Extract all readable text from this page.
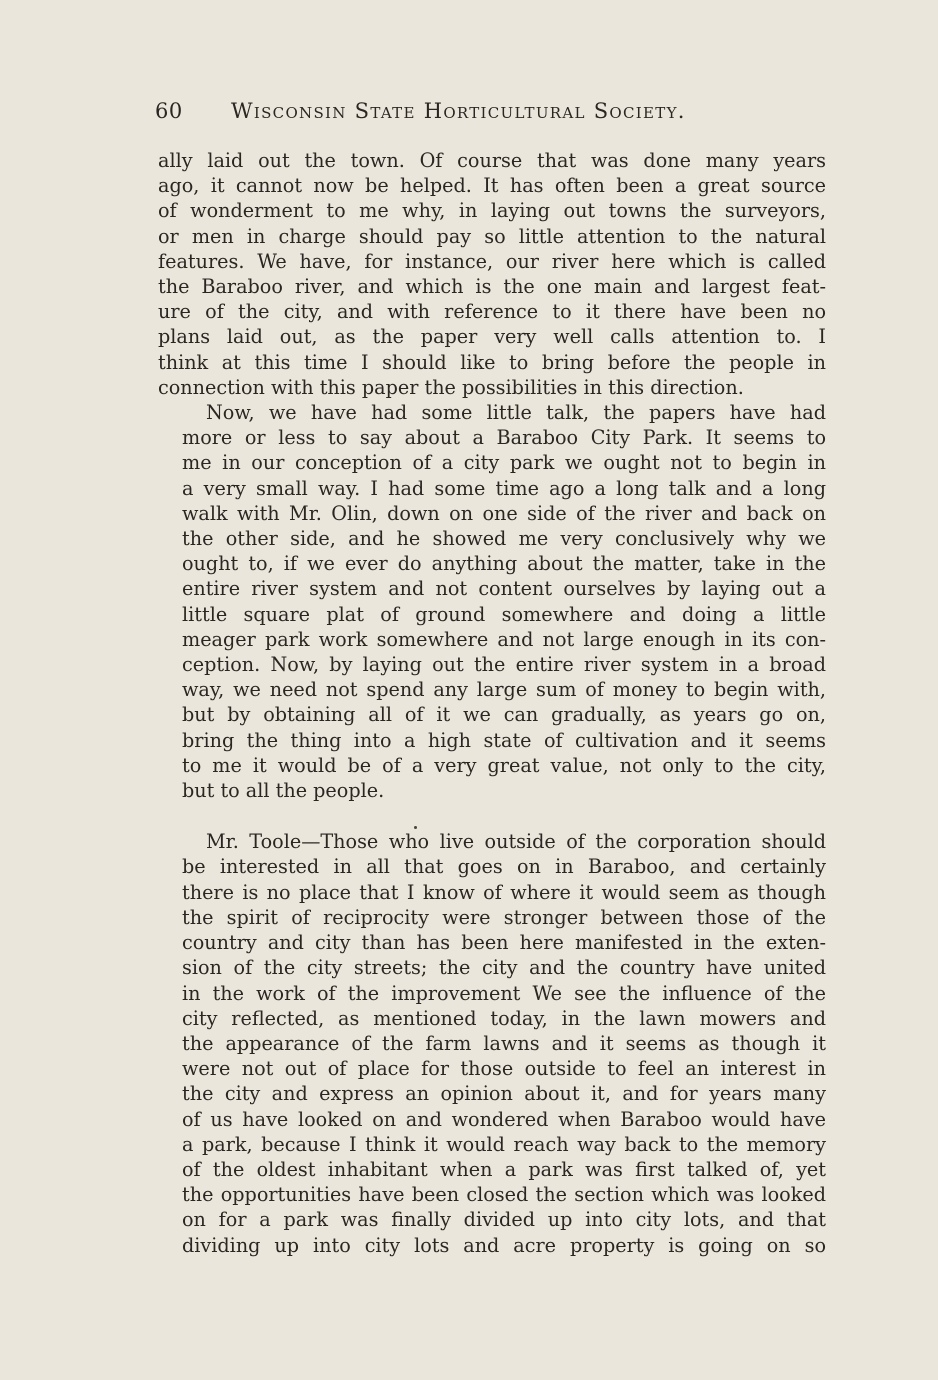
60 Wisconsin State Horticultural Society.

ally laid out the town. Of course that was done many years
ago, it cannot now be helped. It has often been a great source
of wonderment to me why, in laying out towns the surveyors,
or men in charge should pay so little attention to the natural
features. We have, for instance, our river here which is called
the Baraboo river, and which is the one main and largest feat-
ure of the city, and with reference to it there have been no
plans laid out, as the paper very well calls attention to. I
think at this time I should like to bring before the people in
connection with this paper the possibilities in this direction.

Now, we have had some little talk, the papers have had
more or less to say about a Baraboo City Park. It seems to
me in our conception of a city park we ought not to begin in
a very small way. I had some time ago a long talk and a long
walk with Mr. Olin, down on one side of the river and back on
the other side, and he showed me very conclusively why we
ought to, if we ever do anything about the matter, take in the
entire river system and not content ourselves by laying out a
little square plat of ground somewhere and doing a little
meager park work somewhere and not large enough in its con-
ception. Now, by laying out the entire river system in a broad
way, we need not spend any large sum of money to begin with,
but by obtaining all of it we can gradually, as years go on,
bring the thing into a high state of cultivation and it seems
to me it would be of a very great value, not only to the city,
but to all the people.

Mr. Toole—Those who live outside of the corporation should
be interested in all that goes on in Baraboo, and certainly
there is no place that I know of where it would seem as though
the spirit of reciprocity were stronger between those of the
country and city than has been here manifested in the exten-
sion of the city streets; the city and the country have united
in the work of the improvement We see the influence of the
city reflected, as mentioned today, in the lawn mowers and
the appearance of the farm lawns and it seems as though it
were not out of place for those outside to feel an interest in
the city and express an opinion about it, and for years many
of us have looked on and wondered when Baraboo would have
a park, because I think it would reach way back to the memory
of the oldest inhabitant when a park was first talked of, yet
the opportunities have been closed the section which was looked
on for a park was finally divided up into city lots, and that
dividing up into city lots and acre property is going on so
